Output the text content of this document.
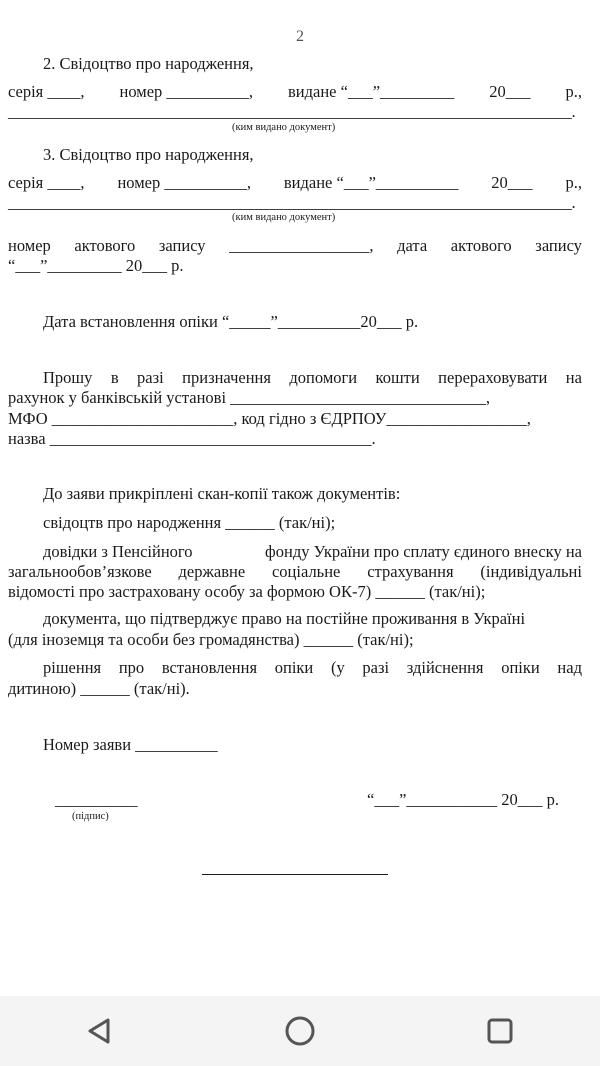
2
2. Свідоцтво про народження,
серія ____, номер __________, видане “___”_________ 20___ р.,
______________________________________________________________________.
(ким видано документ)
3. Свідоцтво про народження,
серія ____, номер __________, видане “___”__________ 20___ р.,
______________________________________________________________________.
(ким видано документ)
номер актового запису _________________, дата актового запису
“___”_________ 20___ р.
Дата встановлення опіки “_____”__________20___ р.
Прошу в разі призначення допомоги кошти перераховувати на
рахунок у банківській установі _______________________________,
МФО ______________________, код гідно з ЄДРПОУ_________________,
назва _______________________________________.
До заяви прикріплені скан-копії також документів:
свідоцтв про народження ______ (так/ні);
довідки з Пенсійного	фонду України про сплату єдиного внеску на
загальнообов’язкове державне соціальне страхування (індивідуальні
відомості про застраховану особу за формою ОК-7) ______ (так/ні);
документа, що підтверджує право на постійне проживання в Україні
(для іноземця та особи без громадянства) ______ (так/ні);
рішення про встановлення опіки (у разі здійснення опіки над
дитиною) ______ (так/ні).
Номер заяви __________
__________
(підпис)
“___”___________ 20___ р.
